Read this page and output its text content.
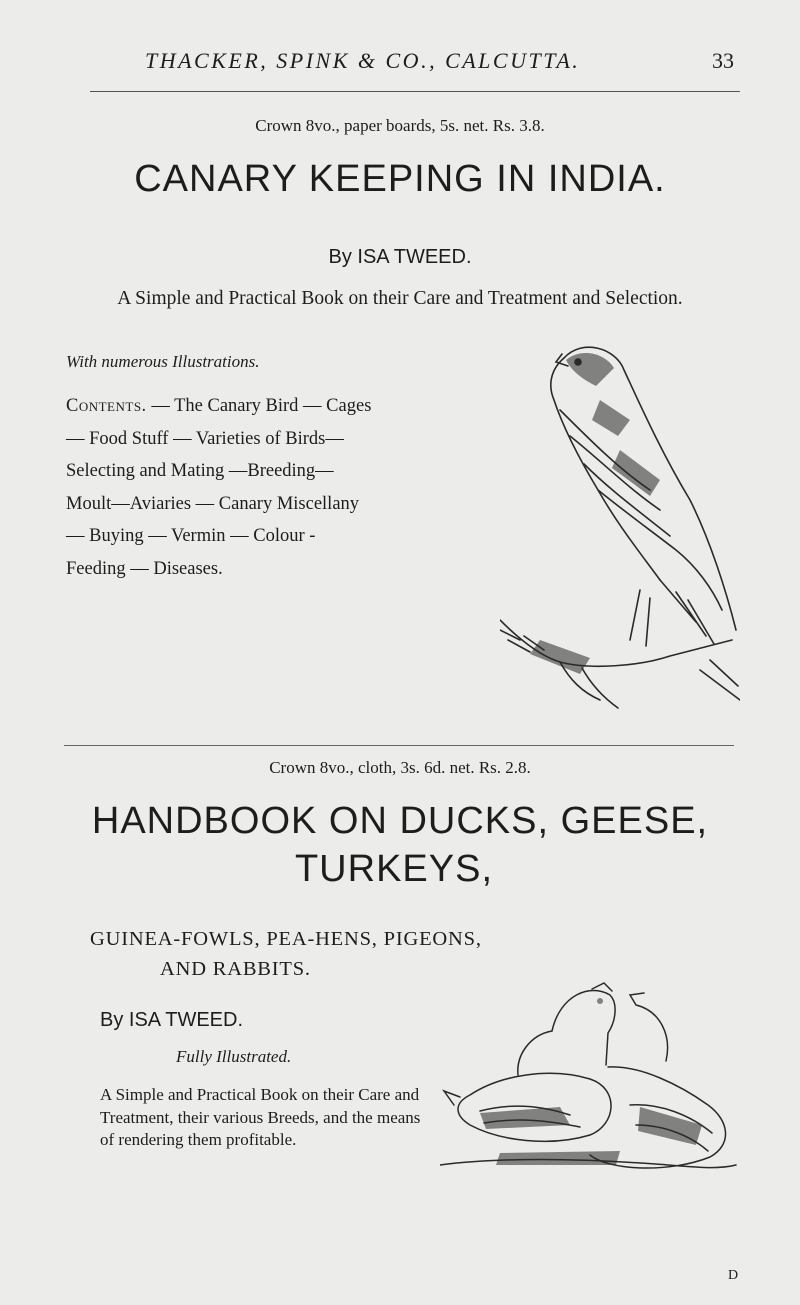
THACKER, SPINK & CO., CALCUTTA.	33
Crown 8vo., paper boards, 5s. net. Rs. 3.8.
CANARY KEEPING IN INDIA.
By ISA TWEED.
A Simple and Practical Book on their Care and Treatment and Selection.
With numerous Illustrations.
Contents. — The Canary Bird — Cages — Food Stuff — Varieties of Birds—Selecting and Mating —Breeding—Moult—Aviaries — Canary Miscellany — Buying — Vermin — Colour - Feeding — Diseases.
Crown 8vo., cloth, 3s. 6d. net. Rs. 2.8.
HANDBOOK ON DUCKS, GEESE,
TURKEYS,
GUINEA-FOWLS, PEA-HENS, PIGEONS,
AND RABBITS.
By ISA TWEED.
Fully Illustrated.
A Simple and Practical Book on their Care and Treatment, their various Breeds, and the means of rendering them profitable.
D
